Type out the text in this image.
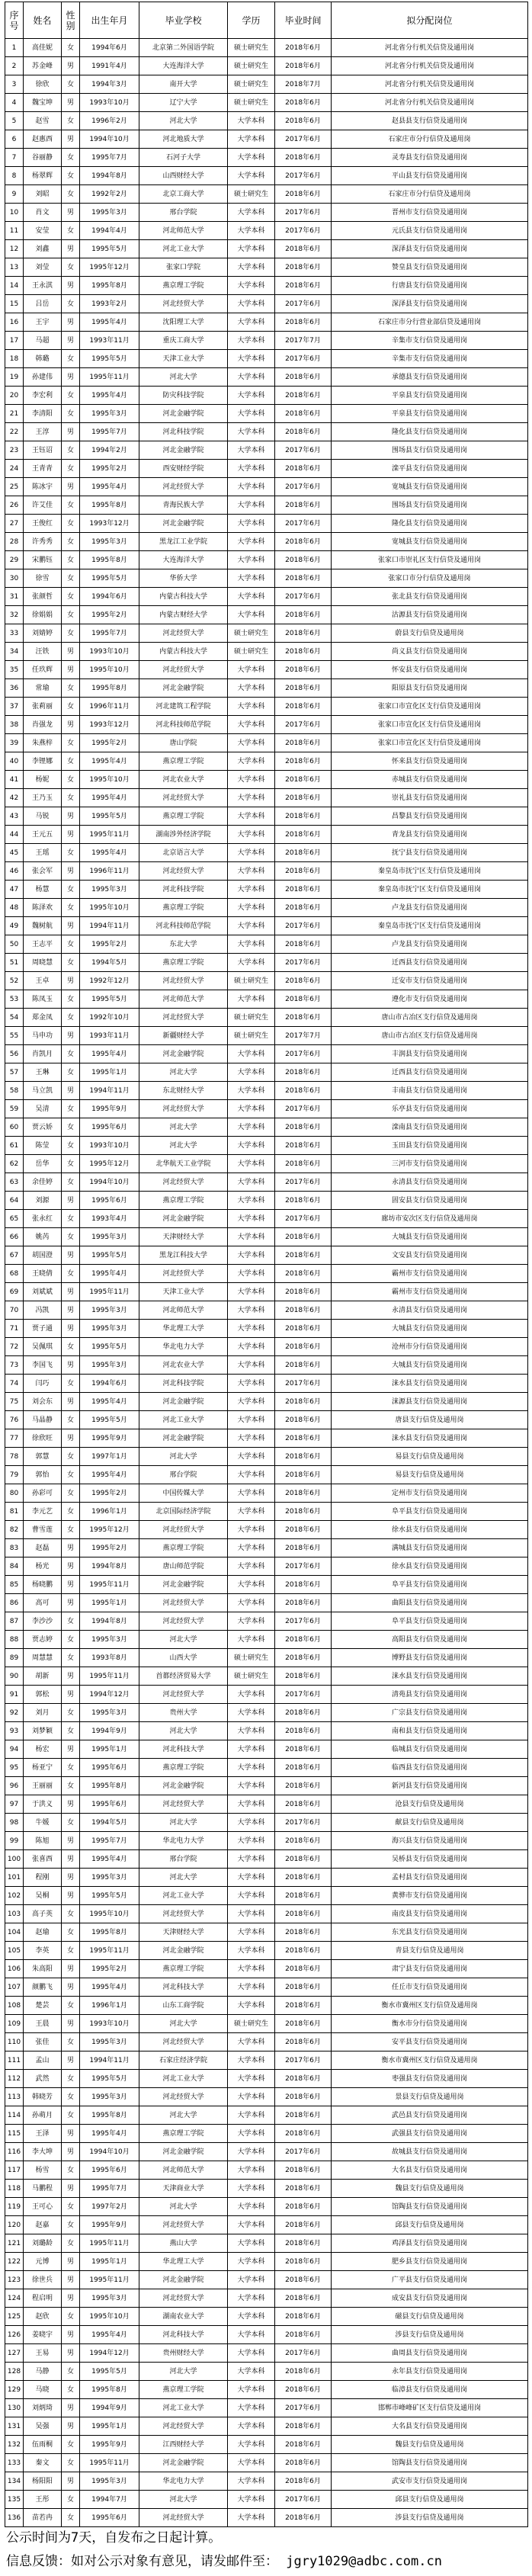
序号	姓名	性别	出生年月	毕业学校	学历	毕业时间	拟分配岗位
1	高佳妮	女	1994年6月	北京第二外国语学院	硕士研究生	2018年6月	河北省分行机关信贷及通用岗
2	苏金峰	男	1991年4月	大连海洋大学	硕士研究生	2018年6月	河北省分行机关信贷及通用岗
3	徐欣	女	1994年3月	南开大学	硕士研究生	2018年7月	河北省分行机关信贷及通用岗
4	魏宝坤	男	1993年10月	辽宁大学	硕士研究生	2018年6月	河北省分行机关信贷及通用岗
5	赵雪	女	1996年2月	河北大学	大学本科	2018年6月	赵县县支行信贷及通用岗
6	赵惠西	男	1994年10月	河北地质大学	大学本科	2017年6月	石家庄市分行信贷及通用岗
7	谷丽静	女	1995年7月	石河子大学	大学本科	2018年6月	灵寿县支行信贷及通用岗
8	杨翠辉	女	1994年8月	山西财经大学	大学本科	2017年6月	平山县支行信贷及通用岗
9	刘昭	女	1992年2月	北京工商大学	硕士研究生	2018年6月	石家庄市分行信贷及通用岗
10	肖文	男	1995年3月	邢台学院	大学本科	2017年6月	晋州市支行信贷及通用岗
11	安莹	女	1994年4月	河北师范大学	大学本科	2017年6月	元氏县支行信贷及通用岗
12	刘鑫	男	1995年5月	河北工业大学	大学本科	2018年6月	深泽县支行信贷及通用岗
13	刘莹	女	1995年12月	张家口学院	大学本科	2018年6月	赞皇县支行信贷及通用岗
14	王永淇	男	1995年8月	燕京理工学院	大学本科	2018年6月	行唐县支行信贷及通用岗
15	吕岳	女	1993年2月	河北经贸大学	大学本科	2017年6月	深泽县支行信贷及通用岗
16	王宇	男	1995年4月	沈阳理工大学	大学本科	2018年6月	石家庄市分行营业部信贷及通用岗
17	马超	男	1993年11月	重庆工商大学	大学本科	2017年7月	辛集市支行信贷及通用岗
18	韩璐	女	1995年5月	天津工业大学	大学本科	2017年6月	辛集市支行信贷及通用岗
19	孙建伟	男	1995年11月	河北大学	大学本科	2018年6月	承德县支行信贷及通用岗
20	李宏利	女	1995年4月	防灾科技学院	大学本科	2018年6月	平泉县支行信贷及通用岗
21	李清阳	女	1995年3月	河北金融学院	大学本科	2018年6月	平泉县支行信贷及通用岗
22	王淳	男	1995年7月	河北科技学院	大学本科	2018年6月	隆化县支行信贷及通用岗
23	王钰诏	女	1994年2月	河北金融学院	大学本科	2017年6月	围场县支行信贷及通用岗
24	王青青	女	1995年2月	西安财经学院	大学本科	2018年6月	滦平县支行信贷及通用岗
25	陈冰宇	男	1995年4月	河北经贸大学	大学本科	2017年6月	宽城县支行信贷及通用岗
26	许艾佳	女	1995年8月	青海民族大学	大学本科	2018年6月	围场县支行信贷及通用岗
27	王俊红	女	1993年12月	河北金融学院	大学本科	2017年6月	隆化县支行信贷及通用岗
28	许秀秀	女	1995年3月	黑龙江工业学院	大学本科	2018年6月	宽城县支行信贷及通用岗
29	宋鹏钰	女	1995年8月	大连海洋大学	大学本科	2018年6月	张家口市崇礼区支行信贷及通用岗
30	徐雪	女	1995年5月	华侨大学	大学本科	2018年6月	张家口市分行信贷及通用岗
31	张颜哲	女	1994年6月	内蒙古科技大学	大学本科	2017年6月	张北县支行信贷及通用岗
32	徐娟娟	女	1995年2月	内蒙古财经大学	大学本科	2018年6月	沽源县支行信贷及通用岗
33	刘婧婷	女	1995年7月	河北经贸大学	硕士研究生	2018年6月	蔚县支行信贷及通用岗
34	汪铁	男	1993年10月	内蒙古科技大学	硕士研究生	2018年6月	尚义县支行信贷及通用岗
35	任玖辉	男	1995年10月	河北经贸大学	大学本科	2018年6月	怀安县支行信贷及通用岗
36	常瑜	女	1995年8月	河北金融学院	大学本科	2018年6月	阳原县支行信贷及通用岗
37	张莉丽	女	1996年11月	河北建筑工程学院	大学本科	2018年6月	张家口市宣化区支行信贷及通用岗
38	肖强龙	男	1993年12月	河北科技师范学院	大学本科	2017年6月	张家口市宣化区支行信贷及通用岗
39	朱燕梓	女	1995年2月	唐山学院	大学本科	2018年6月	张家口市宣化区支行信贷及通用岗
40	李锂娜	女	1995年4月	燕京理工学院	大学本科	2018年6月	怀来县支行信贷及通用岗
41	杨妮	女	1995年10月	河北农业大学	大学本科	2018年6月	赤城县支行信贷及通用岗
42	王乃玉	女	1995年4月	河北经贸大学	大学本科	2018年6月	崇礼县支行信贷及通用岗
43	马锐	男	1995年5月	燕京理工学院	大学本科	2018年6月	昌黎县支行信贷及通用岗
44	王元五	男	1995年11月	湖南涉外经济学院	大学本科	2018年6月	青龙县支行信贷及通用岗
45	王瑶	女	1995年4月	北京语言大学	大学本科	2018年6月	抚宁县支行信贷及通用岗
46	张会军	男	1996年11月	河北经贸大学	大学本科	2018年6月	秦皇岛市抚宁区支行信贷及通用岗
47	杨慧	女	1995年3月	河北科技学院	大学本科	2018年6月	秦皇岛市抚宁区支行信贷及通用岗
48	陈泽欢	女	1995年10月	燕京理工学院	大学本科	2018年6月	卢龙县支行信贷及通用岗
49	魏树航	男	1994年11月	河北科技师范学院	大学本科	2017年6月	秦皇岛市抚宁区支行信贷及通用岗
50	王志平	女	1995年2月	东北大学	大学本科	2018年6月	卢龙县支行信贷及通用岗
51	周晓慧	女	1994年5月	燕京理工学院	大学本科	2017年6月	迁西县支行信贷及通用岗
52	王卓	男	1992年12月	河北经贸大学	硕士研究生	2018年6月	迁安市支行信贷及通用岗
53	陈凤玉	女	1995年5月	河北师范大学	大学本科	2018年6月	遵化市支行信贷及通用岗
54	郑金凤	女	1992年10月	河北经贸大学	硕士研究生	2018年6月	唐山市古冶区支行信贷及通用岗
55	马申功	男	1993年11月	新疆财经大学	硕士研究生	2017年7月	唐山市古冶区支行信贷及通用岗
56	肖凯月	女	1995年4月	河北金融学院	大学本科	2017年6月	丰润县支行信贷及通用岗
57	王琳	女	1995年1月	河北大学	大学本科	2018年6月	迁西县支行信贷及通用岗
58	马立凯	男	1994年11月	东北财经大学	大学本科	2018年6月	丰南县支行信贷及通用岗
59	吴清	女	1995年9月	河北经贸大学	大学本科	2017年6月	乐亭县支行信贷及通用岗
60	贾云娇	女	1995年6月	河北大学	大学本科	2018年6月	滦南县支行信贷及通用岗
61	陈莹	女	1993年10月	河北大学	大学本科	2018年6月	玉田县支行信贷及通用岗
62	岳华	女	1995年12月	北华航天工业学院	大学本科	2018年6月	三河市支行信贷及通用岗
63	余佳婷	女	1994年10月	河北经贸大学	大学本科	2017年6月	永清县支行信贷及通用岗
64	刘源	男	1995年6月	燕京理工学院	大学本科	2018年6月	固安县支行信贷及通用岗
65	张永红	女	1993年4月	河北金融学院	大学本科	2017年6月	廊坊市安次区支行信贷及通用岗
66	姚芮	女	1995年3月	天津财经大学	大学本科	2018年6月	大城县支行信贷及通用岗
67	胡国澄	男	1995年5月	黑龙江科技大学	大学本科	2018年6月	文安县支行信贷及通用岗
68	王晓倩	女	1995年4月	河北经贸大学	大学本科	2018年6月	霸州市支行信贷及通用岗
69	刘斌斌	男	1995年11月	天津工业大学	大学本科	2018年6月	霸州市支行信贷及通用岗
70	冯凯	男	1995年3月	河北师范大学	大学本科	2018年6月	永清县支行信贷及通用岗
71	贾子通	男	1995年3月	华北理工大学	大学本科	2018年6月	大城县支行信贷及通用岗
72	吴佩琪	女	1995年5月	华北电力大学	大学本科	2018年6月	沧州市分行信贷及通用岗
73	李国飞	男	1995年3月	河北农业大学	大学本科	2018年6月	大城县支行信贷及通用岗
74	闫巧	女	1994年6月	河北科技学院	大学本科	2017年6月	涞水县支行信贷及通用岗
75	刘会东	男	1995年4月	河北金融学院	大学本科	2018年6月	涞源县支行信贷及通用岗
76	马晶静	女	1995年5月	河北工业大学	大学本科	2018年6月	唐县支行信贷及通用岗
77	徐欣旺	男	1995年9月	河北金融学院	大学本科	2018年6月	涞水县支行信贷及通用岗
78	郭慧	女	1997年1月	河北大学	大学本科	2018年6月	易县支行信贷及通用岗
79	郭怡	女	1995年4月	邢台学院	大学本科	2018年6月	易县支行信贷及通用岗
80	孙彩可	女	1995年2月	中国传媒大学	大学本科	2018年6月	定州市支行信贷及通用岗
81	李元艺	女	1996年1月	北京国际经济学院	大学本科	2018年6月	阜平县支行信贷及通用岗
82	曹雪莲	女	1995年12月	河北经贸大学	大学本科	2018年6月	徐水县支行信贷及通用岗
83	赵磊	男	1995年2月	燕京理工学院	大学本科	2018年6月	满城县支行信贷及通用岗
84	杨光	男	1994年8月	唐山师范学院	大学本科	2017年6月	徐水县支行信贷及通用岗
85	杨晓鹏	男	1995年11月	河北金融学院	大学本科	2018年6月	阜平县支行信贷及通用岗
86	高可	男	1995年1月	河北经贸大学	大学本科	2018年6月	曲阳县支行信贷及通用岗
87	李沙沙	女	1994年8月	河北经贸大学	大学本科	2017年6月	阜平县支行信贷及通用岗
88	贾志婷	女	1995年3月	河北大学	大学本科	2018年6月	高阳县支行信贷及通用岗
89	周慧慧	女	1993年8月	山西大学	硕士研究生	2018年6月	博野县支行信贷及通用岗
90	胡新	男	1995年11月	首都经济贸易大学	硕士研究生	2018年6月	涞水县支行信贷及通用岗
91	郭松	男	1994年12月	河北经贸大学	大学本科	2017年6月	清苑县支行信贷及通用岗
92	刘月	女	1995年3月	贵州大学	大学本科	2018年6月	广宗县支行信贷及通用岗
93	刘梦颖	女	1994年9月	河北大学	大学本科	2018年6月	南和县支行信贷及通用岗
94	杨宏	男	1995年1月	河北科技大学	大学本科	2018年6月	临城县支行信贷及通用岗
95	杨亚宁	女	1995年6月	燕京理工学院	大学本科	2018年6月	临西县支行信贷及通用岗
96	王丽丽	女	1995年8月	河北金融学院	大学本科	2018年6月	新河县支行信贷及通用岗
97	于洪义	男	1995年6月	河北经贸大学	大学本科	2018年6月	沧县支行信贷及通用岗
98	牛媛	女	1994年5月	河北大学	大学本科	2017年6月	献县支行信贷及通用岗
99	陈旭	男	1995年7月	华北电力大学	大学本科	2018年6月	海兴县支行信贷及通用岗
100	张喜西	男	1995年4月	邢台学院	大学本科	2018年6月	吴桥县支行信贷及通用岗
101	程刚	男	1995年3月	河北大学	大学本科	2018年6月	孟村县支行信贷及通用岗
102	吴桐	男	1995年5月	河北工业大学	大学本科	2018年6月	黄骅市支行信贷及通用岗
103	高子英	女	1995年10月	河北经贸大学	大学本科	2018年6月	南皮县支行信贷及通用岗
104	赵瑜	女	1995年8月	天津财经大学	大学本科	2018年6月	东光县支行信贷及通用岗
105	李英	女	1995年11月	河北金融学院	大学本科	2018年6月	青县支行信贷及通用岗
106	朱高阳	男	1995年2月	燕京理工学院	大学本科	2018年6月	肃宁县支行信贷及通用岗
107	颜鹏飞	男	1995年4月	河北科技大学	大学本科	2018年6月	任丘市支行信贷及通用岗
108	楚芸	女	1996年1月	山东工商学院	大学本科	2018年6月	衡水市冀州区支行信贷及通用岗
109	王晨	男	1993年10月	河北大学	硕士研究生	2018年6月	衡水市分行信贷及通用岗
110	张佳	女	1995年3月	河北经贸大学	大学本科	2018年6月	安平县支行信贷及通用岗
111	孟山	男	1994年11月	石家庄经济学院	大学本科	2017年6月	衡水市冀州区支行信贷及通用岗
112	武然	女	1995年5月	河北工业大学	大学本科	2018年6月	枣强县支行信贷及通用岗
113	韩晓芳	女	1995年3月	河北经贸大学	大学本科	2018年6月	景县支行信贷及通用岗
114	孙萌月	女	1995年8月	河北大学	大学本科	2018年6月	武邑县支行信贷及通用岗
115	王泽	男	1995年4月	燕京理工学院	大学本科	2018年6月	武强县支行信贷及通用岗
116	李大坤	男	1994年10月	河北金融学院	大学本科	2017年6月	故城县支行信贷及通用岗
117	杨雪	女	1995年6月	河北师范大学	大学本科	2018年6月	大名县支行信贷及通用岗
118	马鹏程	男	1995年7月	天津商业大学	大学本科	2018年6月	魏县支行信贷及通用岗
119	王可心	女	1997年2月	河北大学	大学本科	2018年6月	馆陶县支行信贷及通用岗
120	赵嘉	女	1995年9月	河北经贸大学	大学本科	2018年6月	邱县支行信贷及通用岗
121	刘璐龄	女	1995年11月	燕山大学	大学本科	2018年6月	鸡泽县支行信贷及通用岗
122	元博	男	1995年1月	华北理工大学	大学本科	2018年6月	肥乡县支行信贷及通用岗
123	徐世兵	男	1995年11月	河北金融学院	大学本科	2018年6月	广平县支行信贷及通用岗
124	程启明	男	1995年3月	河北经贸大学	大学本科	2018年6月	成安县支行信贷及通用岗
125	赵欣	女	1995年10月	湖南农业大学	大学本科	2018年6月	磁县支行信贷及通用岗
126	姜晓宇	男	1995年4月	河北科技大学	大学本科	2018年6月	涉县支行信贷及通用岗
127	王易	男	1994年12月	贵州财经大学	大学本科	2017年6月	曲周县支行信贷及通用岗
128	马静	女	1995年5月	河北大学	大学本科	2018年6月	永年县支行信贷及通用岗
129	马晓	女	1995年8月	燕京理工学院	大学本科	2018年6月	临漳县支行信贷及通用岗
130	刘炳琦	男	1994年9月	河北工业大学	大学本科	2017年6月	邯郸市峰峰矿区支行信贷及通用岗
131	吴强	男	1995年1月	河北经贸大学	大学本科	2018年6月	大名县支行信贷及通用岗
132	伍雨桐	女	1995年9月	江西财经大学	大学本科	2018年6月	魏县支行信贷及通用岗
133	秦文	女	1995年11月	河北金融学院	大学本科	2018年6月	馆陶县支行信贷及通用岗
134	杨阳阳	男	1995年3月	华北电力大学	大学本科	2018年6月	武安市支行信贷及通用岗
135	王彤	女	1994年7月	河北大学	大学本科	2017年6月	邱县支行信贷及通用岗
136	苗若冉	女	1995年6月	河北经贸大学	大学本科	2018年6月	涉县支行信贷及通用岗
公示时间为7天，自发布之日起计算。
信息反馈：如对公示对象有意见，请发邮件至： jgry1029@adbc.com.cn
